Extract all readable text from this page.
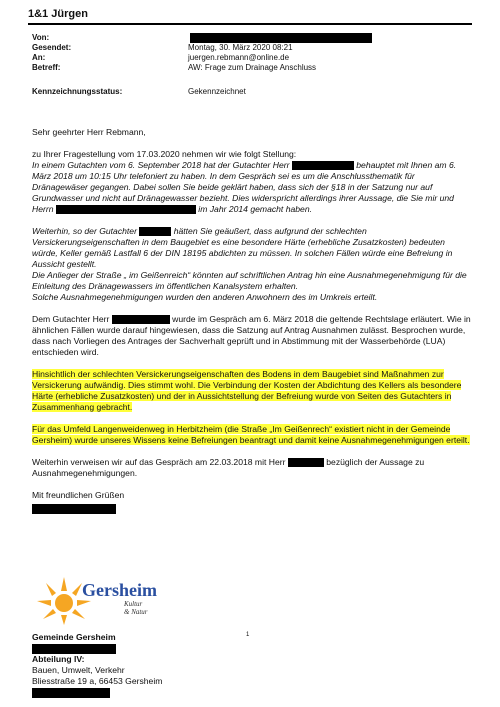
1&1 Jürgen
Von:
Gesendet:	Montag, 30. März 2020 08:21
An:	juergen.rebmann@online.de
Betreff:	AW: Frage zum Drainage Anschluss
Kennzeichnungsstatus:	Gekennzeichnet

Sehr geehrter Herr Rebmann,

zu Ihrer Fragestellung vom 17.03.2020 nehmen wir wie folgt Stellung:

In einem Gutachten vom 6. September 2018 hat der Gutachter Herr	behauptet mit Ihnen am 6. März 2018 um 10:15 Uhr telefoniert zu haben. In dem Gespräch sei es um die Anschlussthematik für Dränagewäser gegangen. Dabei sollen Sie beide geklärt haben, dass sich der §18 in der Satzung nur auf Grundwasser und nicht auf Dränagewasser bezieht. Dies widerspricht allerdings ihrer Aussage, die Sie mir und Herrn	im Jahr 2014 gemacht haben.

Weiterhin, so der Gutachter	hätten Sie geäußert, dass aufgrund der schlechten Versickerungseigenschaften in dem Baugebiet es eine besondere Härte (erhebliche Zusatzkosten) bedeuten würde, Keller gemäß Lastfall 6 der DIN 18195 abdichten zu müssen. In solchen Fällen würde eine Befreiung in Aussicht gestellt.

Die Anlieger der Straße „ im Geißenreich“ könnten auf schriftlichen Antrag hin eine Ausnahmegenehmigung für die Einleitung des Dränagewassers im öffentlichen Kanalsystem erhalten.

Solche Ausnahmegenehmigungen wurden den anderen Anwohnern des im Umkreis erteilt.

Dem Gutachter Herr	wurde im Gespräch am 6. März 2018 die geltende Rechtslage erläutert. Wie in ähnlichen Fällen wurde darauf hingewiesen, dass die Satzung auf Antrag Ausnahmen zulässt. Besprochen wurde, dass nach Vorliegen des Antrages der Sachverhalt geprüft und in Abstimmung mit der Wasserbehörde (LUA) entschieden wird.

Hinsichtlich der schlechten Versickerungseigenschaften des Bodens in dem Baugebiet sind Maßnahmen zur Versickerung aufwändig. Dies stimmt wohl. Die Verbindung der Kosten der Abdichtung des Kellers als besondere Härte (erhebliche Zusatzkosten) und der in Aussichtstellung der Befreiung wurde von Seiten des Gutachters in Zusammenhang gebracht.

Für das Umfeld Langenweidenweg in Herbitzheim (die Straße „Im Geißenrech“ existiert nicht in der Gemeinde Gersheim) wurde unseres Wissens keine Befreiungen beantragt und damit keine Ausnahmegenehmigungen erteilt.

Weiterhin verweisen wir auf das Gespräch am 22.03.2018 mit Herr	bezüglich der Aussage zu Ausnahmegenehmigungen.

Mit freundlichen Grüßen

Gersheim
Kultur
& Natur
1
Gemeinde Gersheim
Abteilung IV:
Bauen, Umwelt, Verkehr
Bliesstraße 19 a, 66453 Gersheim
